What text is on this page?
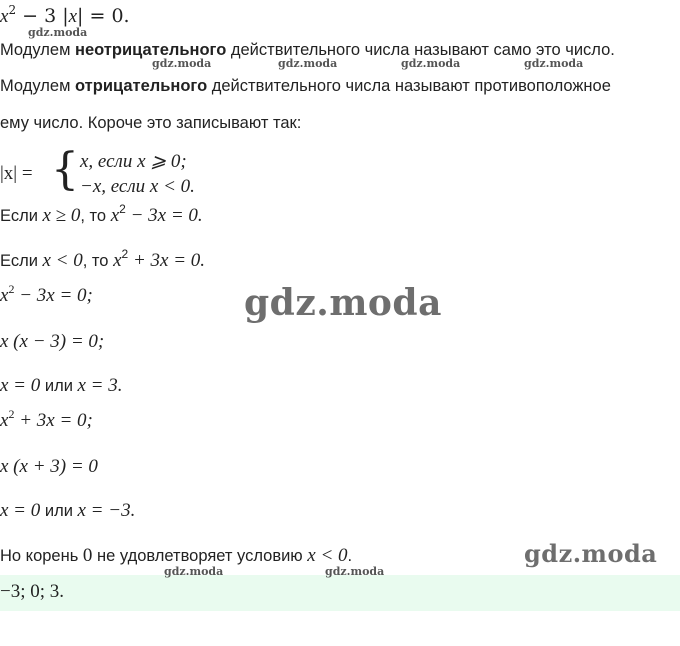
$x^2 - 3$ |x| = 0.
Модулем неотрицательного действительного числа называют само это число.
Модулем отрицательного действительного числа называют противоположное
ему число. Короче это записывают так:
|x| = { x, если x ⩾ 0;
−x, если x < 0.
Если x ≥ 0, то $x^2 - 3x = 0$.
Если x < 0, то $x^2 + 3x = 0$.
$x^2 - 3x = 0$;
x (x − 3) = 0;
x = 0 или x = 3.
$x^2 + 3x = 0$;
x (x + 3) = 0
x = 0 или x = −3.
Но корень 0 не удовлетворяет условию x < 0.
−3; 0; 3.
gdz.moda
gdz.moda	gdz.moda	gdz.moda	gdz.moda
gdz.moda	gdz.moda
gdz.moda
gdz.moda
